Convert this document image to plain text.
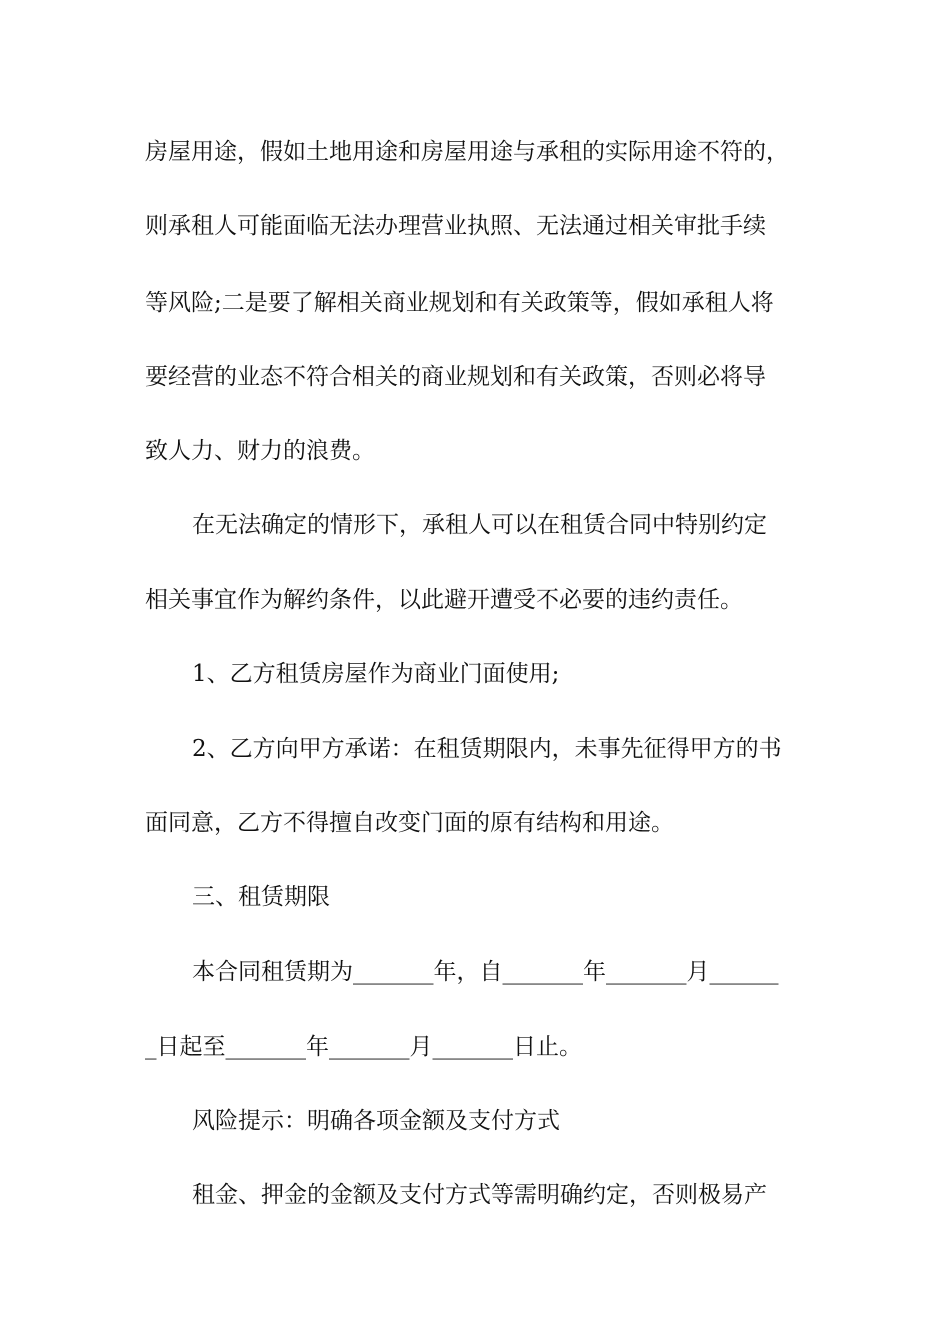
房屋用途，假如土地用途和房屋用途与承租的实际用途不符的，
则承租人可能面临无法办理营业执照、无法通过相关审批手续
等风险;二是要了解相关商业规划和有关政策等，假如承租人将
要经营的业态不符合相关的商业规划和有关政策，否则必将导
致人力、财力的浪费。
在无法确定的情形下，承租人可以在租赁合同中特别约定
相关事宜作为解约条件，以此避开遭受不必要的违约责任。
1、乙方租赁房屋作为商业门面使用;
2、乙方向甲方承诺：在租赁期限内，未事先征得甲方的书
面同意，乙方不得擅自改变门面的原有结构和用途。
三、租赁期限
本合同租赁期为_______年，自_______年_______月______
_日起至_______年_______月_______日止。
风险提示：明确各项金额及支付方式
租金、押金的金额及支付方式等需明确约定，否则极易产
